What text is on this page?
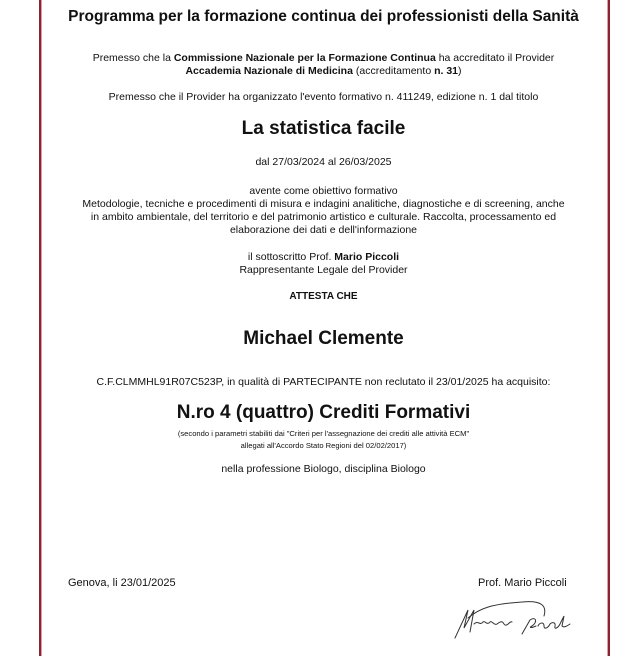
Programma per la formazione continua dei professionisti della Sanità
Premesso che la Commissione Nazionale per la Formazione Continua ha accreditato il Provider
Accademia Nazionale di Medicina (accreditamento n. 31)
Premesso che il Provider ha organizzato l'evento formativo n. 411249, edizione n. 1 dal titolo
La statistica facile
dal 27/03/2024 al 26/03/2025
avente come obiettivo formativo
Metodologie, tecniche e procedimenti di misura e indagini analitiche, diagnostiche e di screening, anche
in ambito ambientale, del territorio e del patrimonio artistico e culturale. Raccolta, processamento ed
elaborazione dei dati e dell'informazione
il sottoscritto Prof. Mario Piccoli
Rappresentante Legale del Provider
ATTESTA CHE
Michael Clemente
C.F.CLMMHL91R07C523P, in qualità di PARTECIPANTE non reclutato il 23/01/2025 ha acquisito:
N.ro 4 (quattro) Crediti Formativi
(secondo i parametri stabiliti dai "Criteri per l'assegnazione dei crediti alle attività ECM"
allegati all'Accordo Stato Regioni del 02/02/2017)
nella professione Biologo, disciplina Biologo
Genova, li 23/01/2025	Prof. Mario Piccoli
